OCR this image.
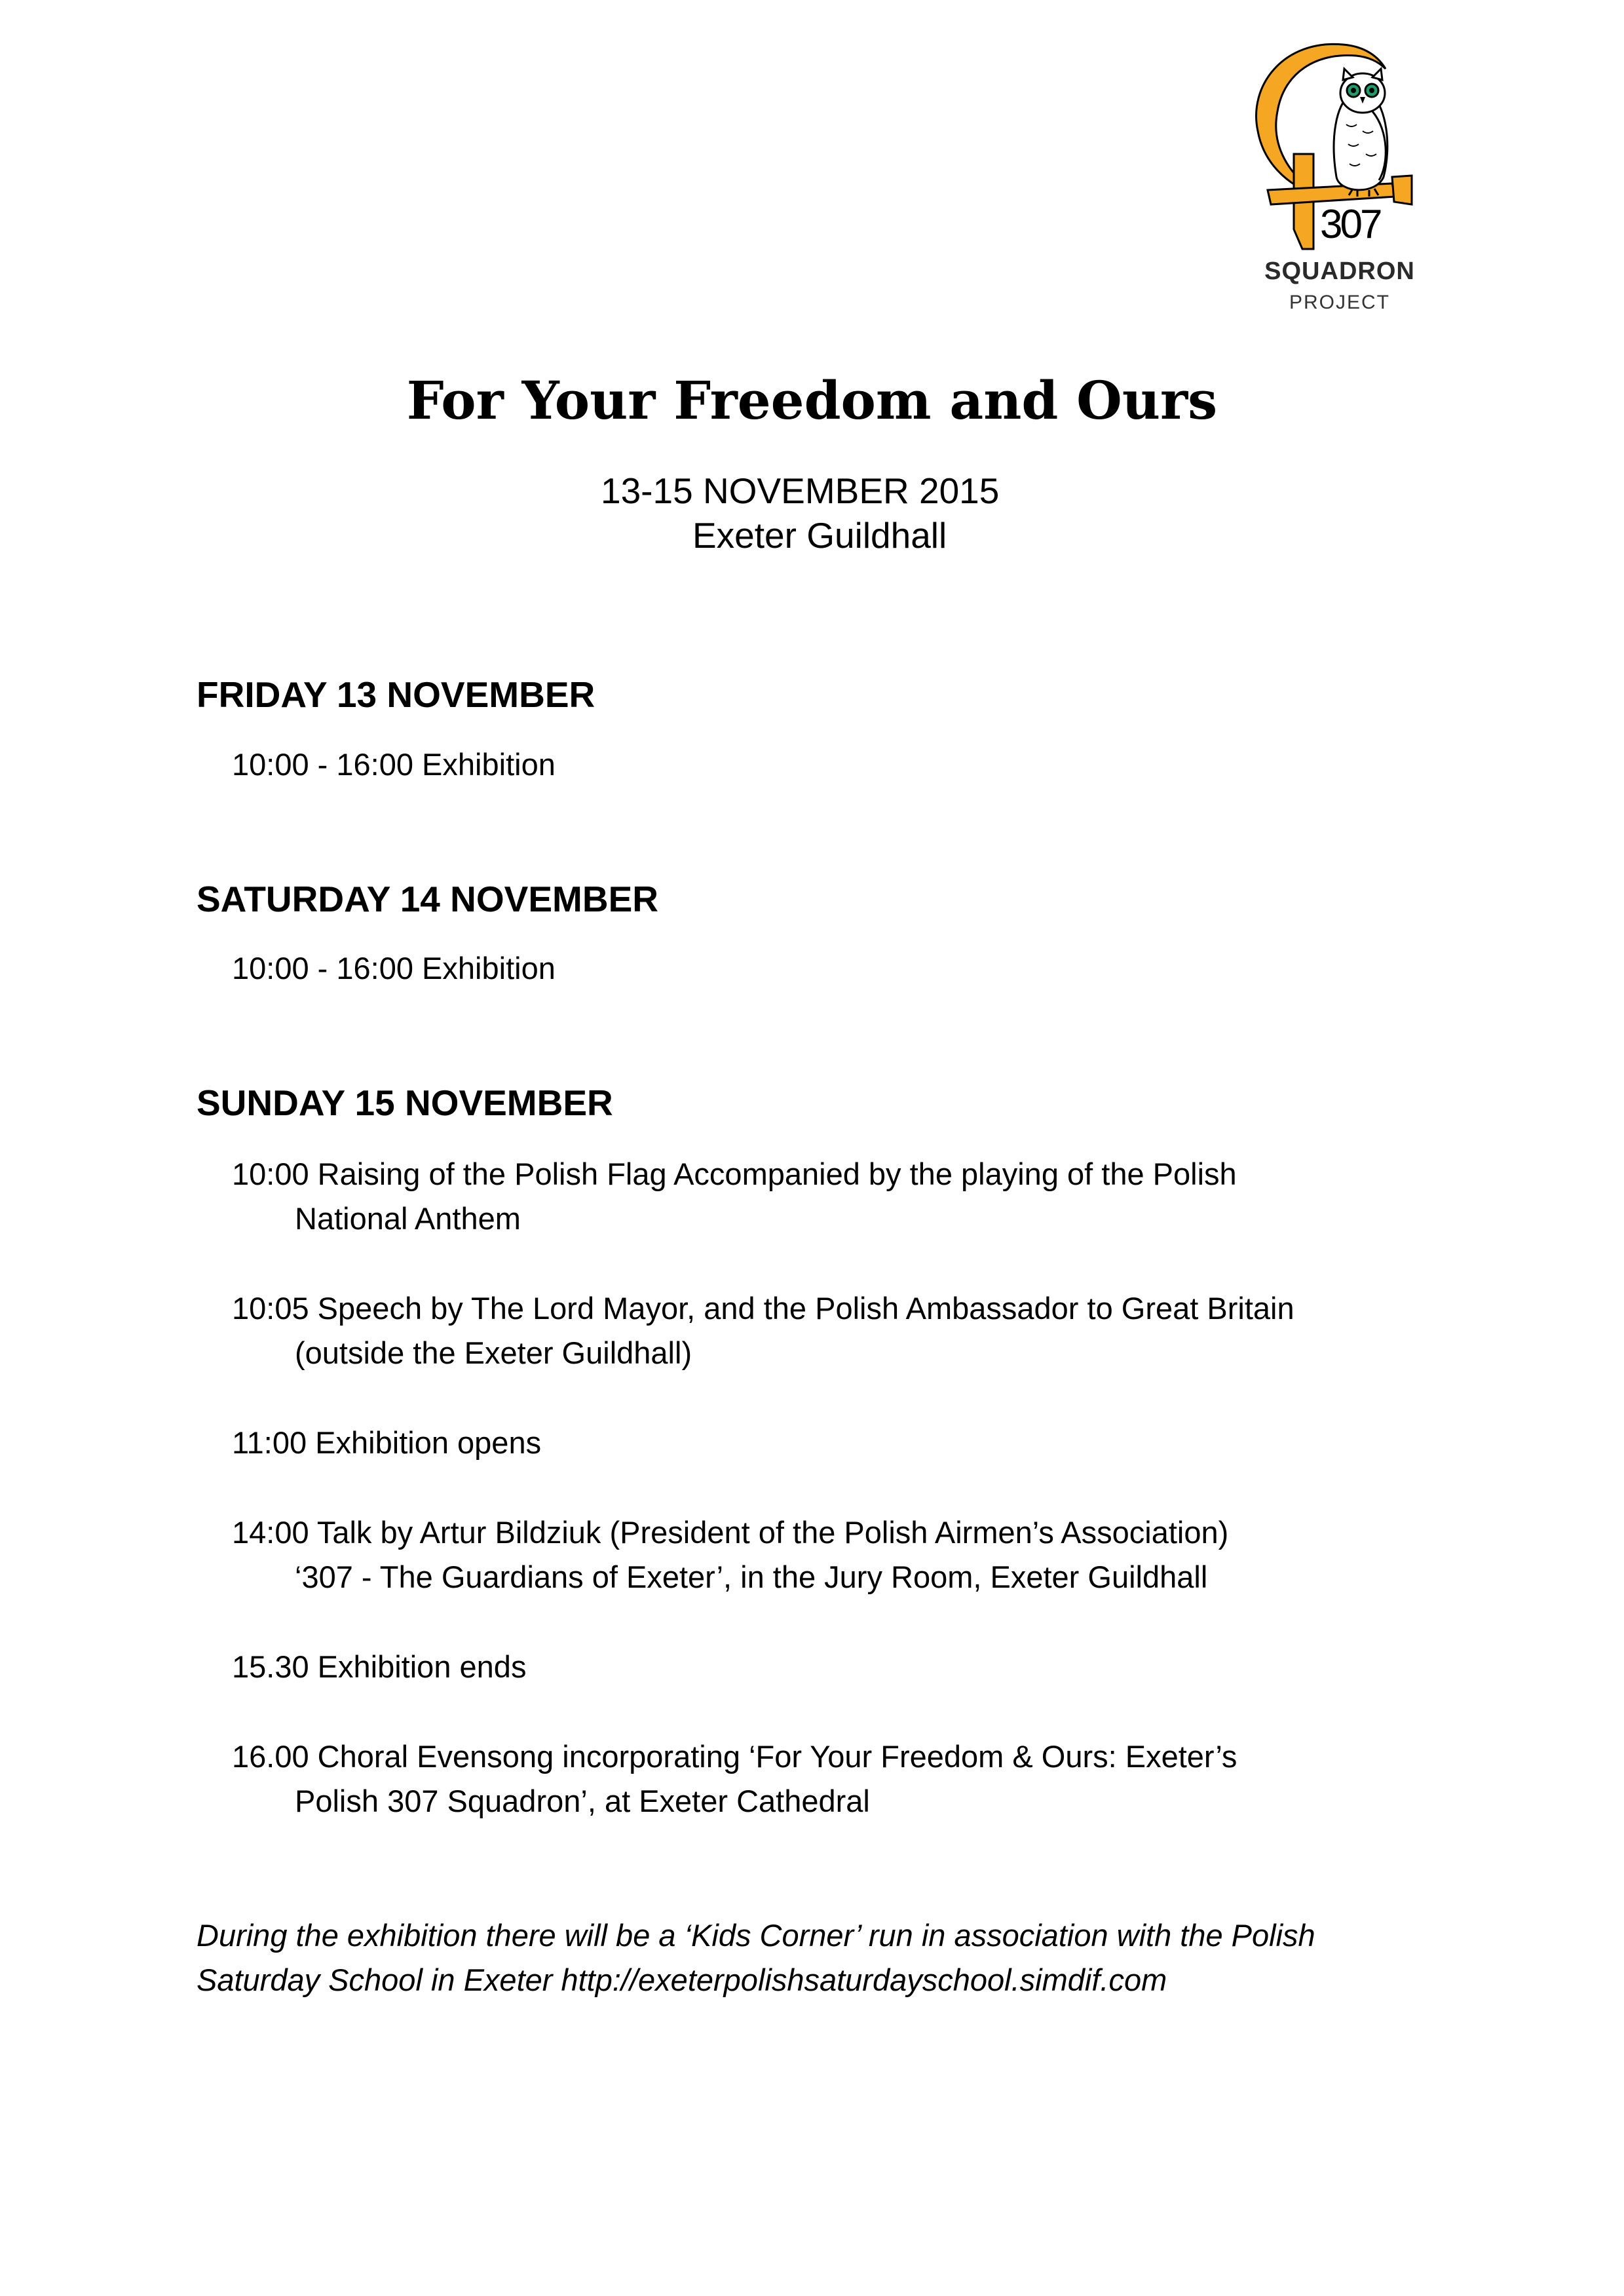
307
SQUADRON
PROJECT
For Your Freedom and Ours
13-15 NOVEMBER 2015
Exeter Guildhall
FRIDAY 13 NOVEMBER
10:00 - 16:00 Exhibition
SATURDAY 14 NOVEMBER
10:00 - 16:00 Exhibition
SUNDAY 15 NOVEMBER
10:00 Raising of the Polish Flag Accompanied by the playing of the Polish
National Anthem
10:05 Speech by The Lord Mayor, and the Polish Ambassador to Great Britain
(outside the Exeter Guildhall)
11:00 Exhibition opens
14:00 Talk by Artur Bildziuk (President of the Polish Airmen’s Association)
‘307 - The Guardians of Exeter’, in the Jury Room, Exeter Guildhall
15.30 Exhibition ends
16.00 Choral Evensong incorporating ‘For Your Freedom & Ours: Exeter’s
Polish 307 Squadron’, at Exeter Cathedral
During the exhibition there will be a ‘Kids Corner’ run in association with the Polish Saturday School in Exeter http://exeterpolishsaturdayschool.simdif.com
